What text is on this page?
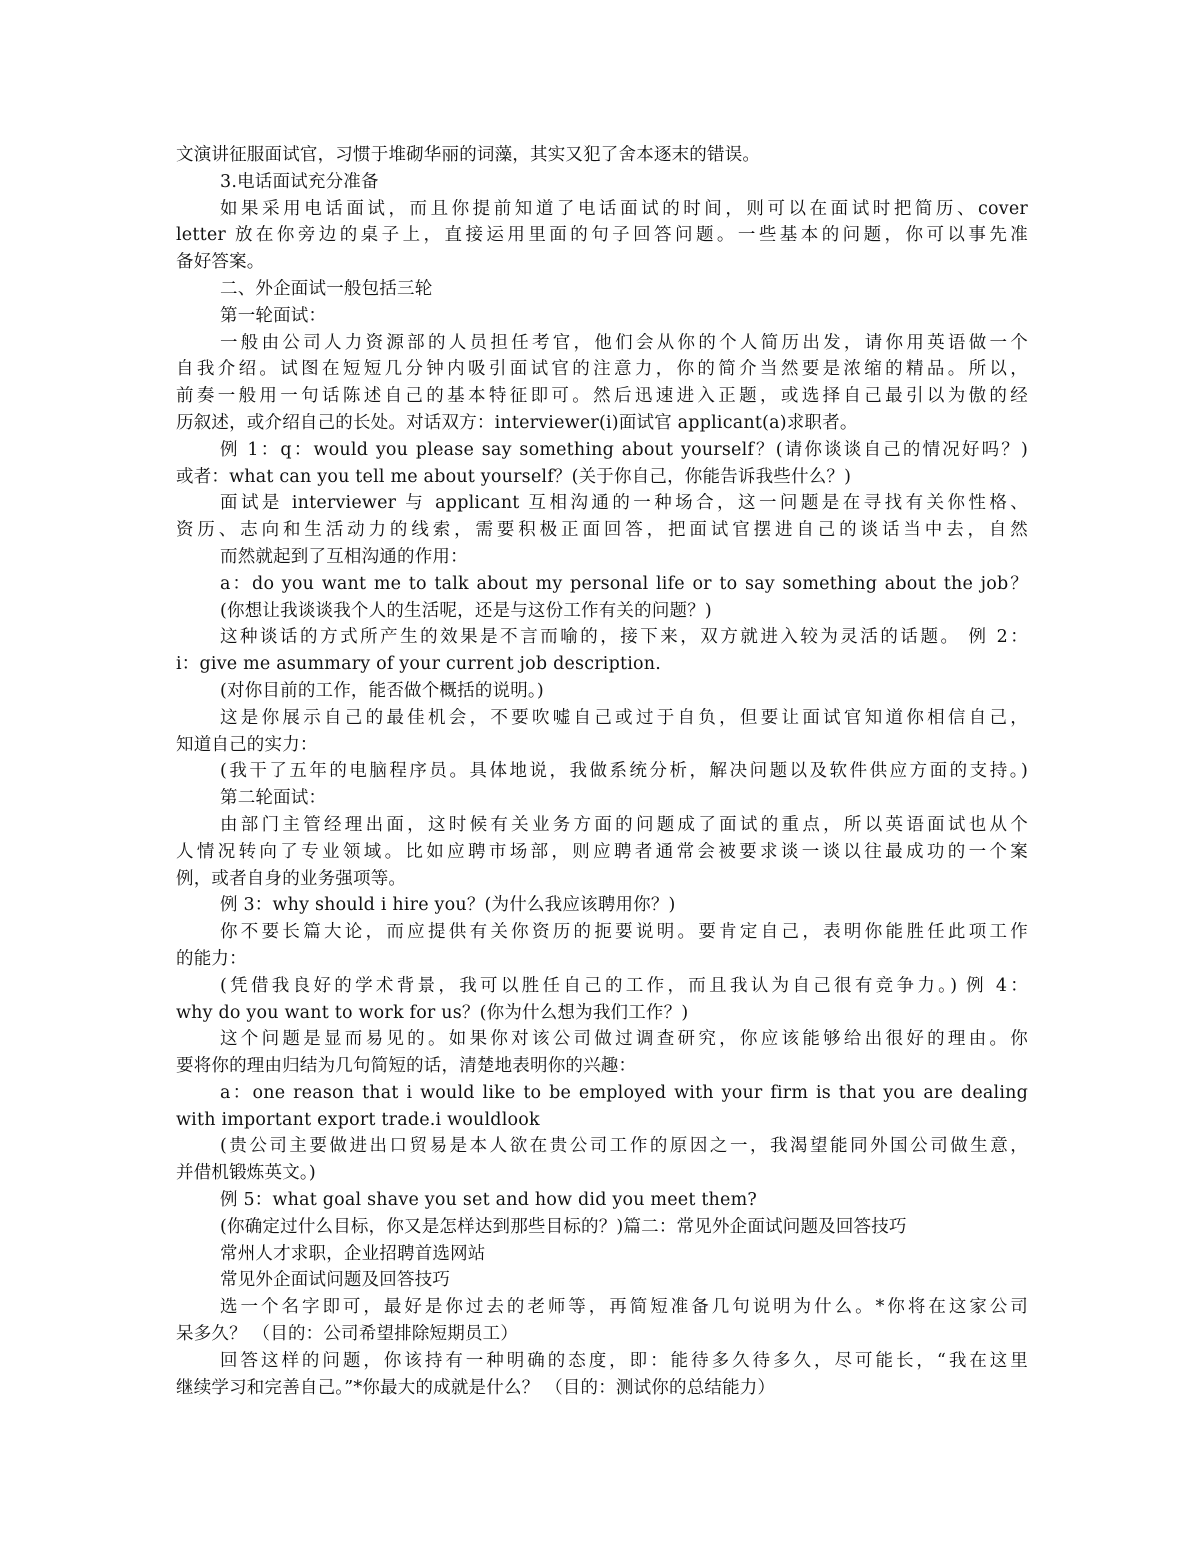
文演讲征服面试官，习惯于堆砌华丽的词藻，其实又犯了舍本逐末的错误。
3.电话面试充分准备
如果采用电话面试，而且你提前知道了电话面试的时间，则可以在面试时把简历、cover
letter 放在你旁边的桌子上，直接运用里面的句子回答问题。一些基本的问题，你可以事先准
备好答案。
二、外企面试一般包括三轮
第一轮面试：
一般由公司人力资源部的人员担任考官，他们会从你的个人简历出发，请你用英语做一个
自我介绍。试图在短短几分钟内吸引面试官的注意力，你的简介当然要是浓缩的精品。所以，
前奏一般用一句话陈述自己的基本特征即可。然后迅速进入正题，或选择自己最引以为傲的经
历叙述，或介绍自己的长处。对话双方：interviewer(i)面试官 applicant(a)求职者。
例 1：q：would you please say something about yourself？(请你谈谈自己的情况好吗？)
或者：what can you tell me about yourself？(关于你自己，你能告诉我些什么？)
面试是 interviewer 与 applicant 互相沟通的一种场合，这一问题是在寻找有关你性格、
资历、志向和生活动力的线索，需要积极正面回答，把面试官摆进自己的谈话当中去，自然
而然就起到了互相沟通的作用：
a：do you want me to talk about my personal life or to say something about the job？
(你想让我谈谈我个人的生活呢，还是与这份工作有关的问题？)
这种谈话的方式所产生的效果是不言而喻的，接下来，双方就进入较为灵活的话题。 例 2：
i：give me asummary of your current job description.
(对你目前的工作，能否做个概括的说明。)
这是你展示自己的最佳机会，不要吹嘘自己或过于自负，但要让面试官知道你相信自己，
知道自己的实力：
(我干了五年的电脑程序员。具体地说，我做系统分析，解决问题以及软件供应方面的支持。)
第二轮面试：
由部门主管经理出面，这时候有关业务方面的问题成了面试的重点，所以英语面试也从个
人情况转向了专业领域。比如应聘市场部，则应聘者通常会被要求谈一谈以往最成功的一个案
例，或者自身的业务强项等。
例 3：why should i hire you？(为什么我应该聘用你？)
你不要长篇大论，而应提供有关你资历的扼要说明。要肯定自己，表明你能胜任此项工作
的能力：
(凭借我良好的学术背景，我可以胜任自己的工作，而且我认为自己很有竞争力。) 例 4：
why do you want to work for us？(你为什么想为我们工作？)
这个问题是显而易见的。如果你对该公司做过调查研究，你应该能够给出很好的理由。你
要将你的理由归结为几句简短的话，清楚地表明你的兴趣：
a：one reason that i would like to be employed with your firm is that you are dealing
with important export trade.i wouldlook
(贵公司主要做进出口贸易是本人欲在贵公司工作的原因之一，我渴望能同外国公司做生意，
并借机锻炼英文。)
例 5：what goal shave you set and how did you meet them?
(你确定过什么目标，你又是怎样达到那些目标的？)篇二：常见外企面试问题及回答技巧
常州人才求职，企业招聘首选网站
常见外企面试问题及回答技巧
选一个名字即可，最好是你过去的老师等，再简短准备几句说明为什么。*你将在这家公司
呆多久？ （目的：公司希望排除短期员工）
回答这样的问题，你该持有一种明确的态度，即：能待多久待多久，尽可能长，“我在这里
继续学习和完善自己。”*你最大的成就是什么？ （目的：测试你的总结能力）
